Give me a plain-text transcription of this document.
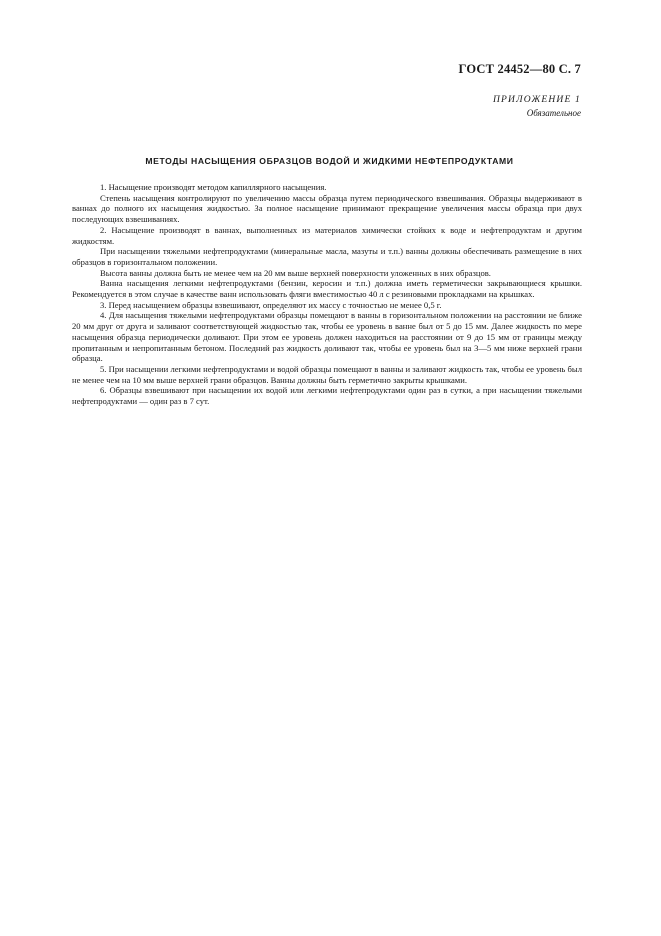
ГОСТ 24452—80 С. 7
ПРИЛОЖЕНИЕ 1
Обязательное
МЕТОДЫ НАСЫЩЕНИЯ ОБРАЗЦОВ ВОДОЙ И ЖИДКИМИ НЕФТЕПРОДУКТАМИ

1. Насыщение производят методом капиллярного насыщения.

Степень насыщения контролируют по увеличению массы образца путем периодического взвешивания. Образцы выдерживают в ваннах до полного их насыщения жидкостью. За полное насыщение принимают прекращение увеличения массы образца при двух последующих взвешиваниях.

2. Насыщение производят в ваннах, выполненных из материалов химически стойких к воде и нефтепродуктам и другим жидкостям.

При насыщении тяжелыми нефтепродуктами (минеральные масла, мазуты и т.п.) ванны должны обеспечивать размещение в них образцов в горизонтальном положении.

Высота ванны должна быть не менее чем на 20 мм выше верхней поверхности уложенных в них образцов.

Ванна насыщения легкими нефтепродуктами (бензин, керосин и т.п.) должна иметь герметически закрывающиеся крышки. Рекомендуется в этом случае в качестве ванн использовать фляги вместимостью 40 л с резиновыми прокладками на крышках.

3. Перед насыщением образцы взвешивают, определяют их массу с точностью не менее 0,5 г.

4. Для насыщения тяжелыми нефтепродуктами образцы помещают в ванны в горизонтальном положении на расстоянии не ближе 20 мм друг от друга и заливают соответствующей жидкостью так, чтобы ее уровень в ванне был от 5 до 15 мм. Далее жидкость по мере насыщения образца периодически доливают. При этом ее уровень должен находиться на расстоянии от 9 до 15 мм от границы между пропитанным и непропитанным бетоном. Последний раз жидкость доливают так, чтобы ее уровень был на 3—5 мм ниже верхней грани образца.

5. При насыщении легкими нефтепродуктами и водой образцы помещают в ванны и заливают жидкость так, чтобы ее уровень был не менее чем на 10 мм выше верхней грани образцов. Ванны должны быть герметично закрыты крышками.

6. Образцы взвешивают при насыщении их водой или легкими нефтепродуктами один раз в сутки, а при насыщении тяжелыми нефтепродуктами — один раз в 7 сут.
